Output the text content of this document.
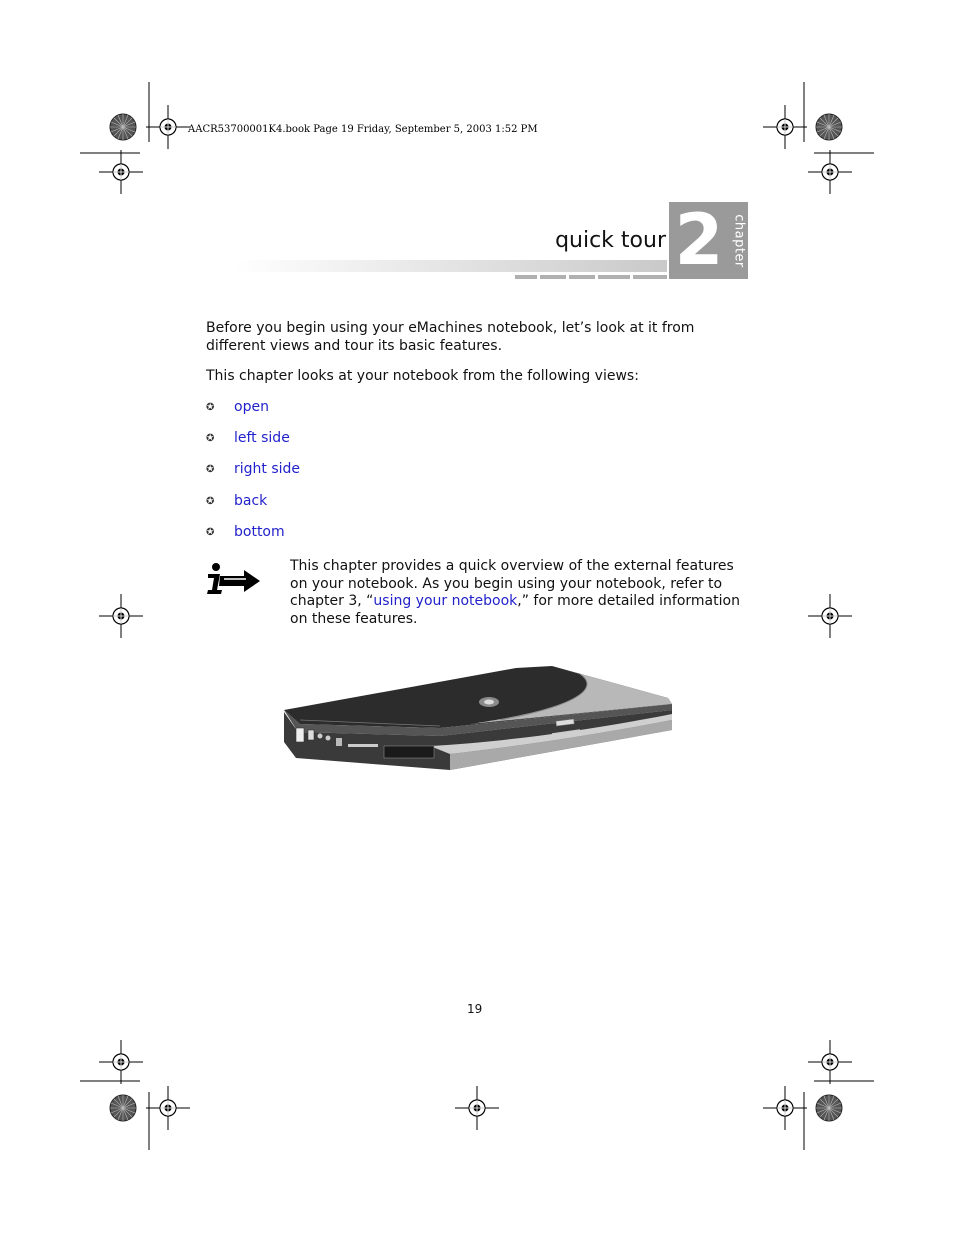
AACR53700001K4.book Page 19 Friday, September 5, 2003 1:52 PM
quick tour 2 chapter
Before you begin using your eMachines notebook, let’s look at it from different views and tour its basic features.
This chapter looks at your notebook from the following views:
✪ open
✪ left side
✪ right side
✪ back
✪ bottom
This chapter provides a quick overview of the external features on your notebook. As you begin using your notebook, refer to chapter 3, “using your notebook,” for more detailed information on these features.
19
